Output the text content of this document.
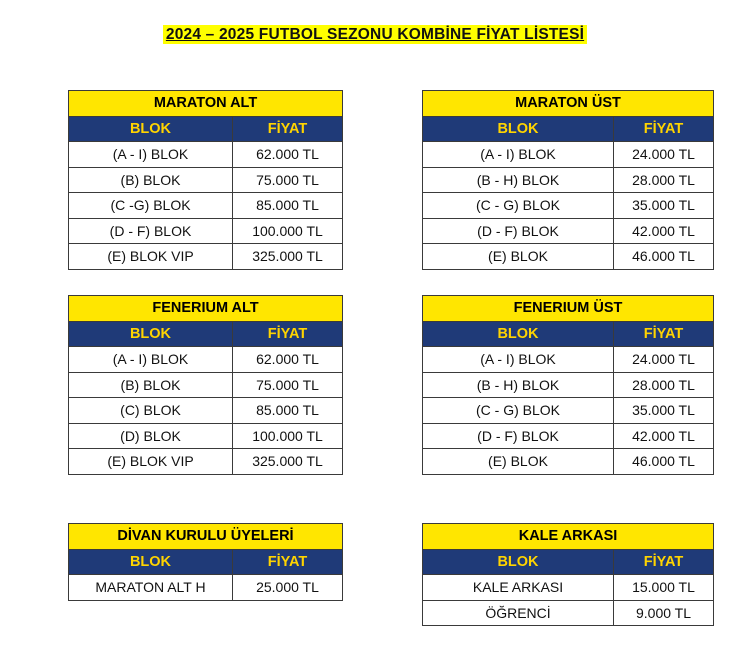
2024 – 2025 FUTBOL SEZONU KOMBİNE FİYAT LİSTESİ
MARATON ALT	
BLOK	FİYAT
(A - I) BLOK	62.000 TL
(B) BLOK	75.000 TL
(C -G) BLOK	85.000 TL
(D - F) BLOK	100.000 TL
(E) BLOK VIP	325.000 TL
MARATON ÜST	
BLOK	FİYAT
(A - I) BLOK	24.000 TL
(B - H) BLOK	28.000 TL
(C - G) BLOK	35.000 TL
(D - F) BLOK	42.000 TL
(E) BLOK	46.000 TL
FENERIUM ALT	
BLOK	FİYAT
(A - I) BLOK	62.000 TL
(B) BLOK	75.000 TL
(C) BLOK	85.000 TL
(D) BLOK	100.000 TL
(E) BLOK VIP	325.000 TL
FENERIUM ÜST	
BLOK	FİYAT
(A - I) BLOK	24.000 TL
(B - H) BLOK	28.000 TL
(C - G) BLOK	35.000 TL
(D - F) BLOK	42.000 TL
(E) BLOK	46.000 TL
DİVAN KURULU ÜYELERİ	
BLOK	FİYAT
MARATON ALT H	25.000 TL
KALE ARKASI	
BLOK	FİYAT
KALE ARKASI	15.000 TL
ÖĞRENCİ	9.000 TL
